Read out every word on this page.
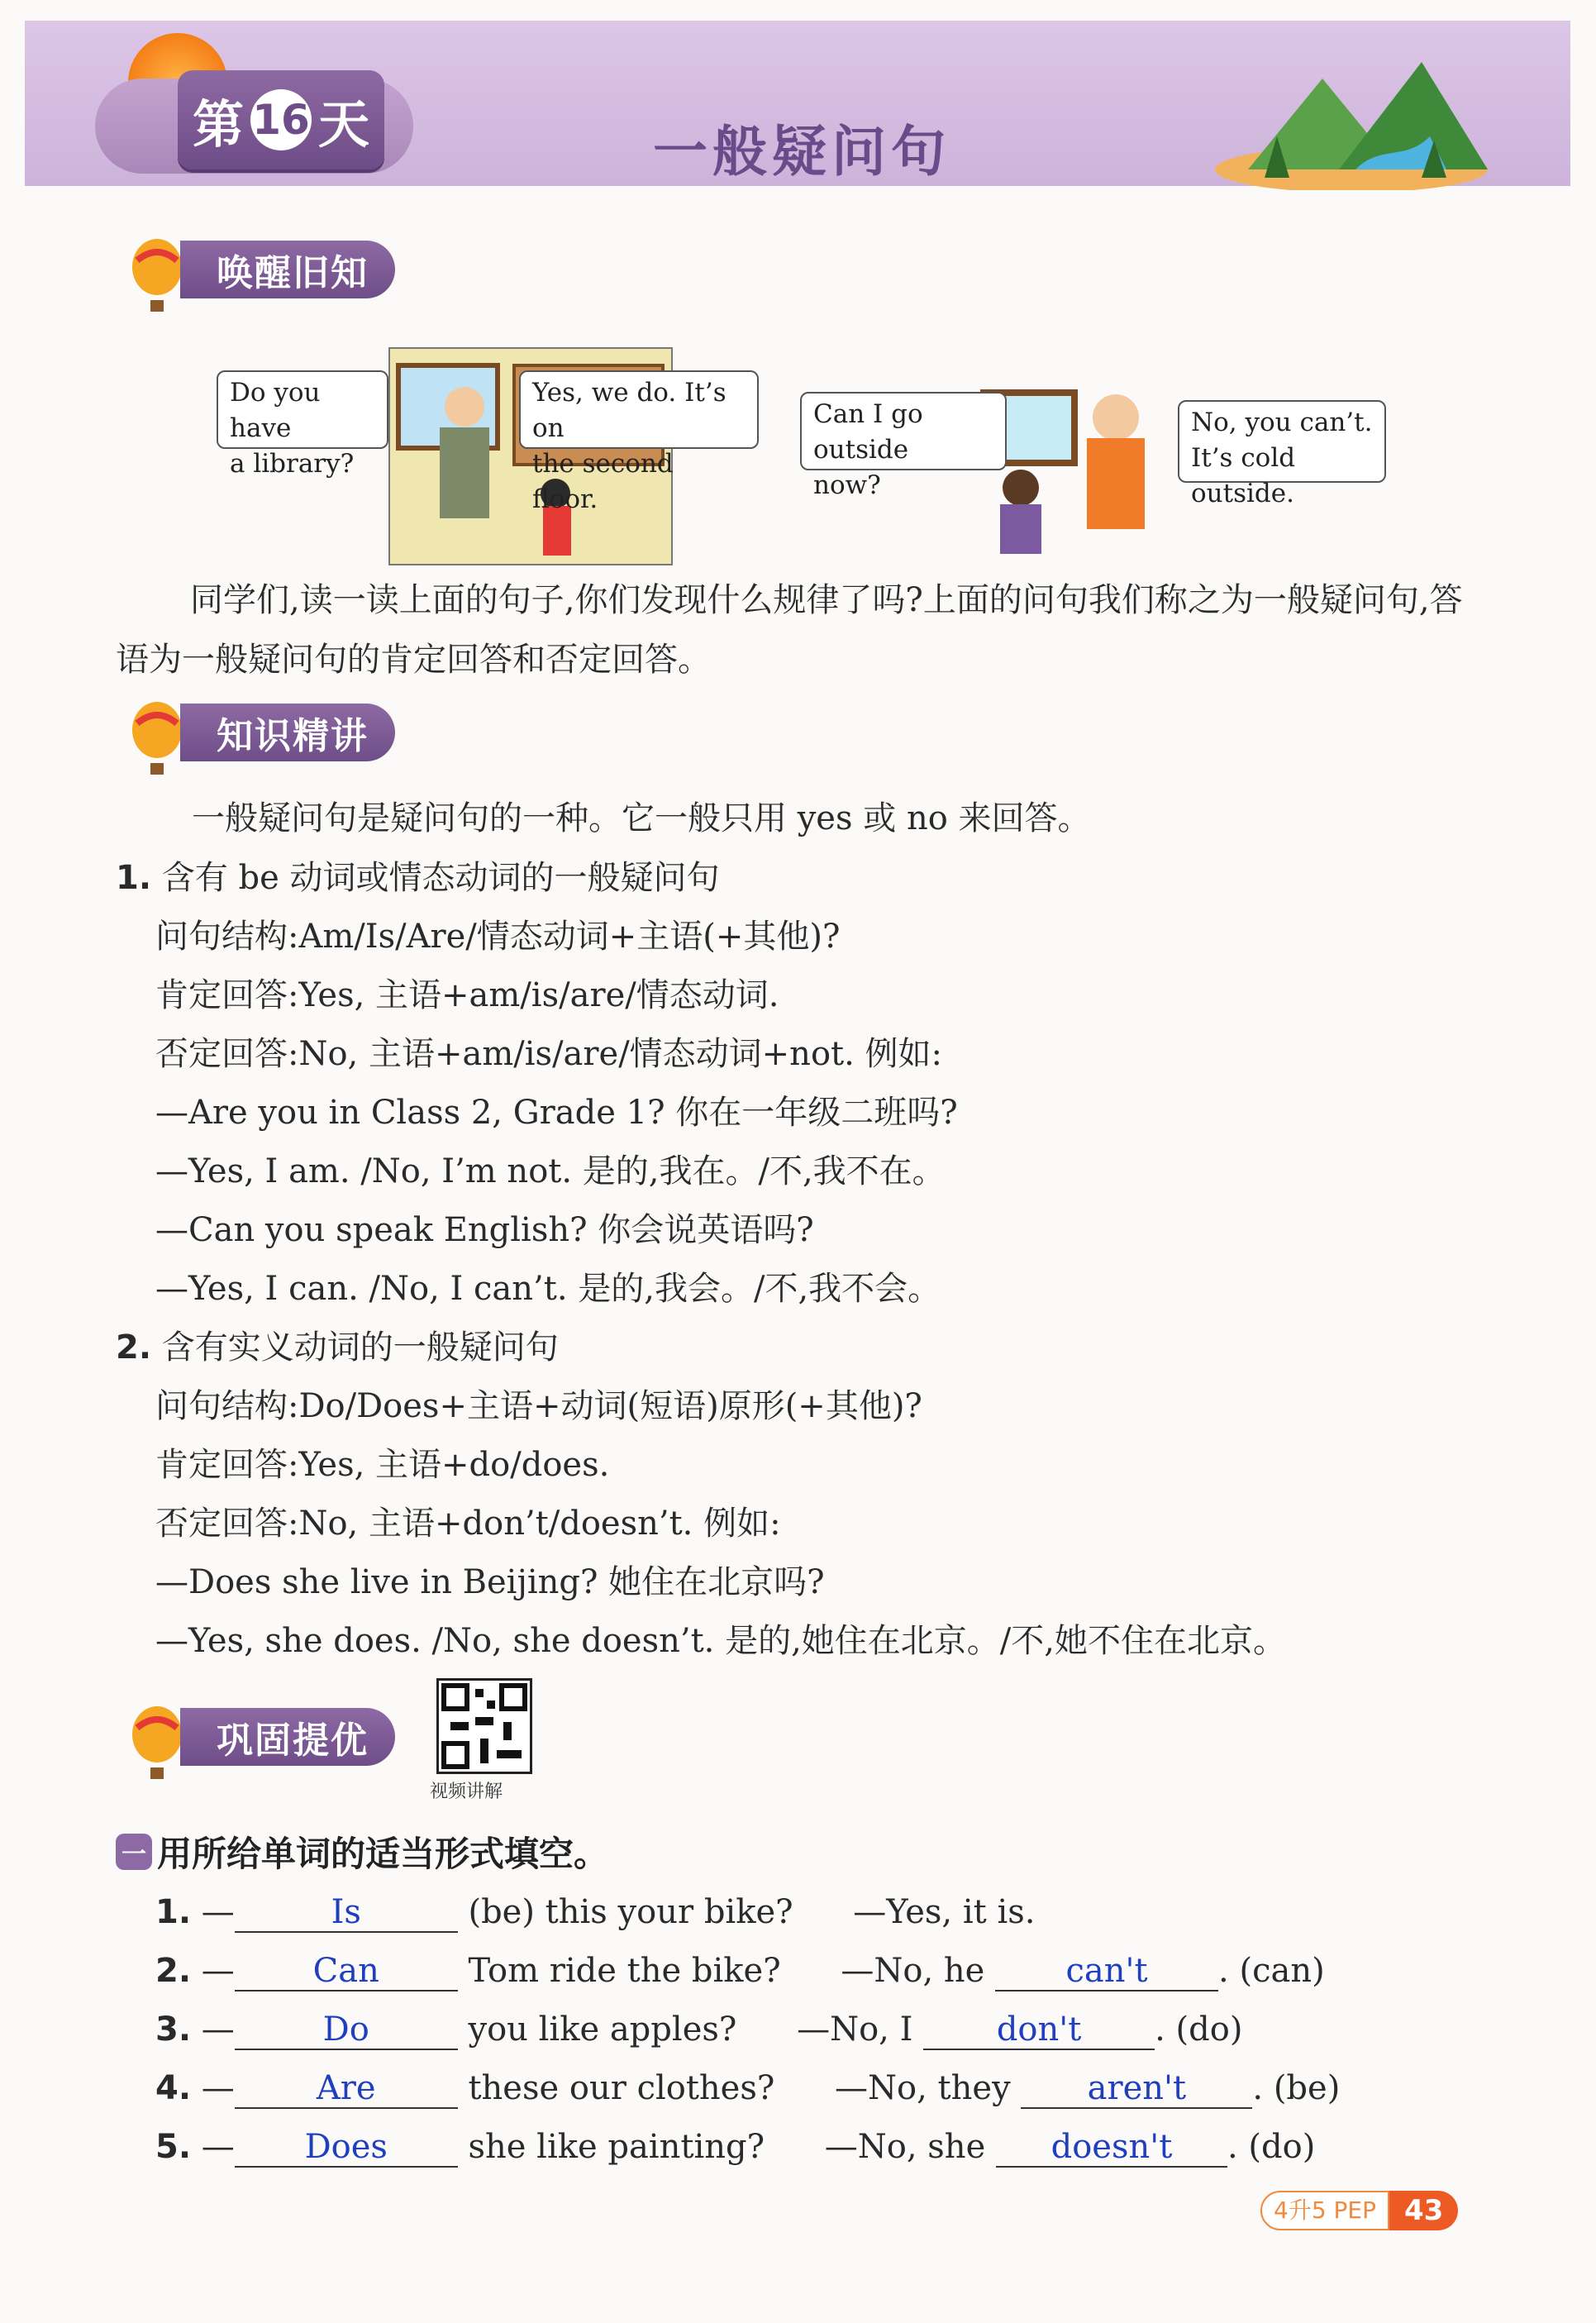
第 16 天	一般疑问句
唤醒旧知
Do you have
a library?
Yes, we do. It’s on
the second floor.
Can I go outside
now?
No, you can’t.
It’s cold outside.
同学们,读一读上面的句子,你们发现什么规律了吗?上面的问句我们称之为一般疑问句,答语为一般疑问句的肯定回答和否定回答。
知识精讲
一般疑问句是疑问句的一种。它一般只用 yes 或 no 来回答。
1. 含有 be 动词或情态动词的一般疑问句
问句结构:Am/Is/Are/情态动词+主语(+其他)?
肯定回答:Yes, 主语+am/is/are/情态动词.
否定回答:No, 主语+am/is/are/情态动词+not. 例如:
—Are you in Class 2, Grade 1? 你在一年级二班吗?
—Yes, I am. /No, I’m not. 是的,我在。/不,我不在。
—Can you speak English? 你会说英语吗?
—Yes, I can. /No, I can’t. 是的,我会。/不,我不会。
2. 含有实义动词的一般疑问句
问句结构:Do/Does+主语+动词(短语)原形(+其他)?
肯定回答:Yes, 主语+do/does.
否定回答:No, 主语+don’t/doesn’t. 例如:
—Does she live in Beijing? 她住在北京吗?
—Yes, she does. /No, she doesn’t. 是的,她住在北京。/不,她不住在北京。
巩固提优
视频讲解
一 用所给单词的适当形式填空。
1. —	Is	(be) this your bike? —Yes, it is.
2. — Can	Tom ride the bike? —No, he can't . (can)
3. —	Do	you like apples? —No, I	don't . (do)
4. — Are	these our clothes? —No, they aren't . (be)
5. — Does she like painting? —No, she doesn't . (do)
4升5 PEP	43
